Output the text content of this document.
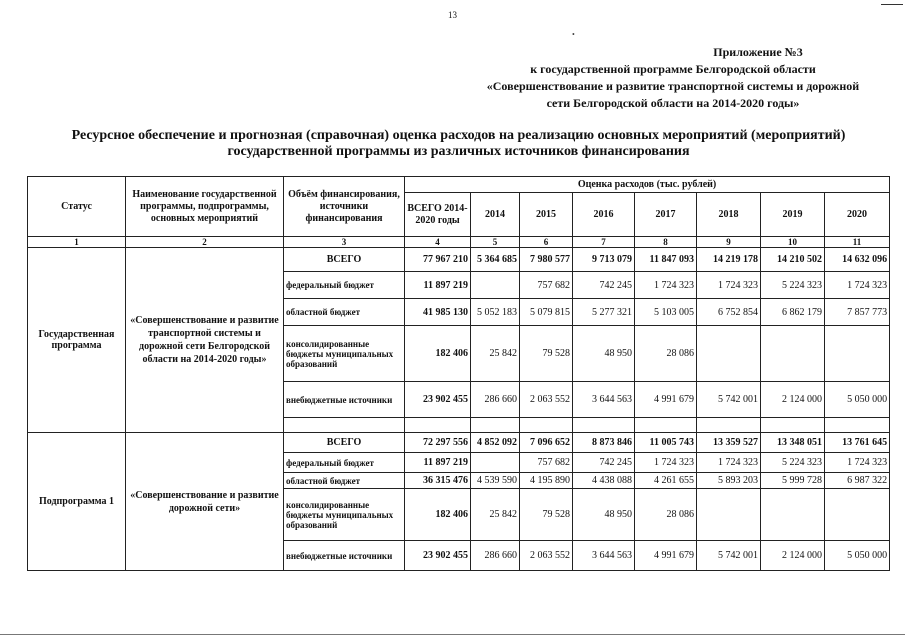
13
•
Приложение №3
к государственной программе Белгородской области
«Совершенствование и развитие транспортной системы и дорожной
сети Белгородской области на 2014-2020 годы»
Ресурсное обеспечение и прогнозная (справочная) оценка расходов на реализацию основных мероприятий (мероприятий)
государственной программы из различных источников финансирования
Статус	Наименование государственной программы, подпрограммы, основных мероприятий	Объём финансирования, источники финансирования	Оценка расходов (тыс. рублей)							
			ВСЕГО 2014-2020 годы	2014	2015	2016	2017	2018	2019	2020
1	2	3	4	5	6	7	8	9	10	11
Государственная программа	«Совершенствование и развитие транспортной системы и дорожной сети Белгородской области на 2014-2020 годы»	ВСЕГО	77 967 210	5 364 685	7 980 577	9 713 079	11 847 093	14 219 178	14 210 502	14 632 096
		федеральный бюджет	11 897 219		757 682	742 245	1 724 323	1 724 323	5 224 323	1 724 323
		областной бюджет	41 985 130	5 052 183	5 079 815	5 277 321	5 103 005	6 752 854	6 862 179	7 857 773
		консолидированные бюджеты муниципальных образований	182 406	25 842	79 528	48 950	28 086			
		внебюджетные источники	23 902 455	286 660	2 063 552	3 644 563	4 991 679	5 742 001	2 124 000	5 050 000

Подпрограмма 1	«Совершенствование и развитие дорожной сети»	ВСЕГО	72 297 556	4 852 092	7 096 652	8 873 846	11 005 743	13 359 527	13 348 051	13 761 645
		федеральный бюджет	11 897 219		757 682	742 245	1 724 323	1 724 323	5 224 323	1 724 323
		областной бюджет	36 315 476	4 539 590	4 195 890	4 438 088	4 261 655	5 893 203	5 999 728	6 987 322
		консолидированные бюджеты муниципальных образований	182 406	25 842	79 528	48 950	28 086			
		внебюджетные источники	23 902 455	286 660	2 063 552	3 644 563	4 991 679	5 742 001	2 124 000	5 050 000
